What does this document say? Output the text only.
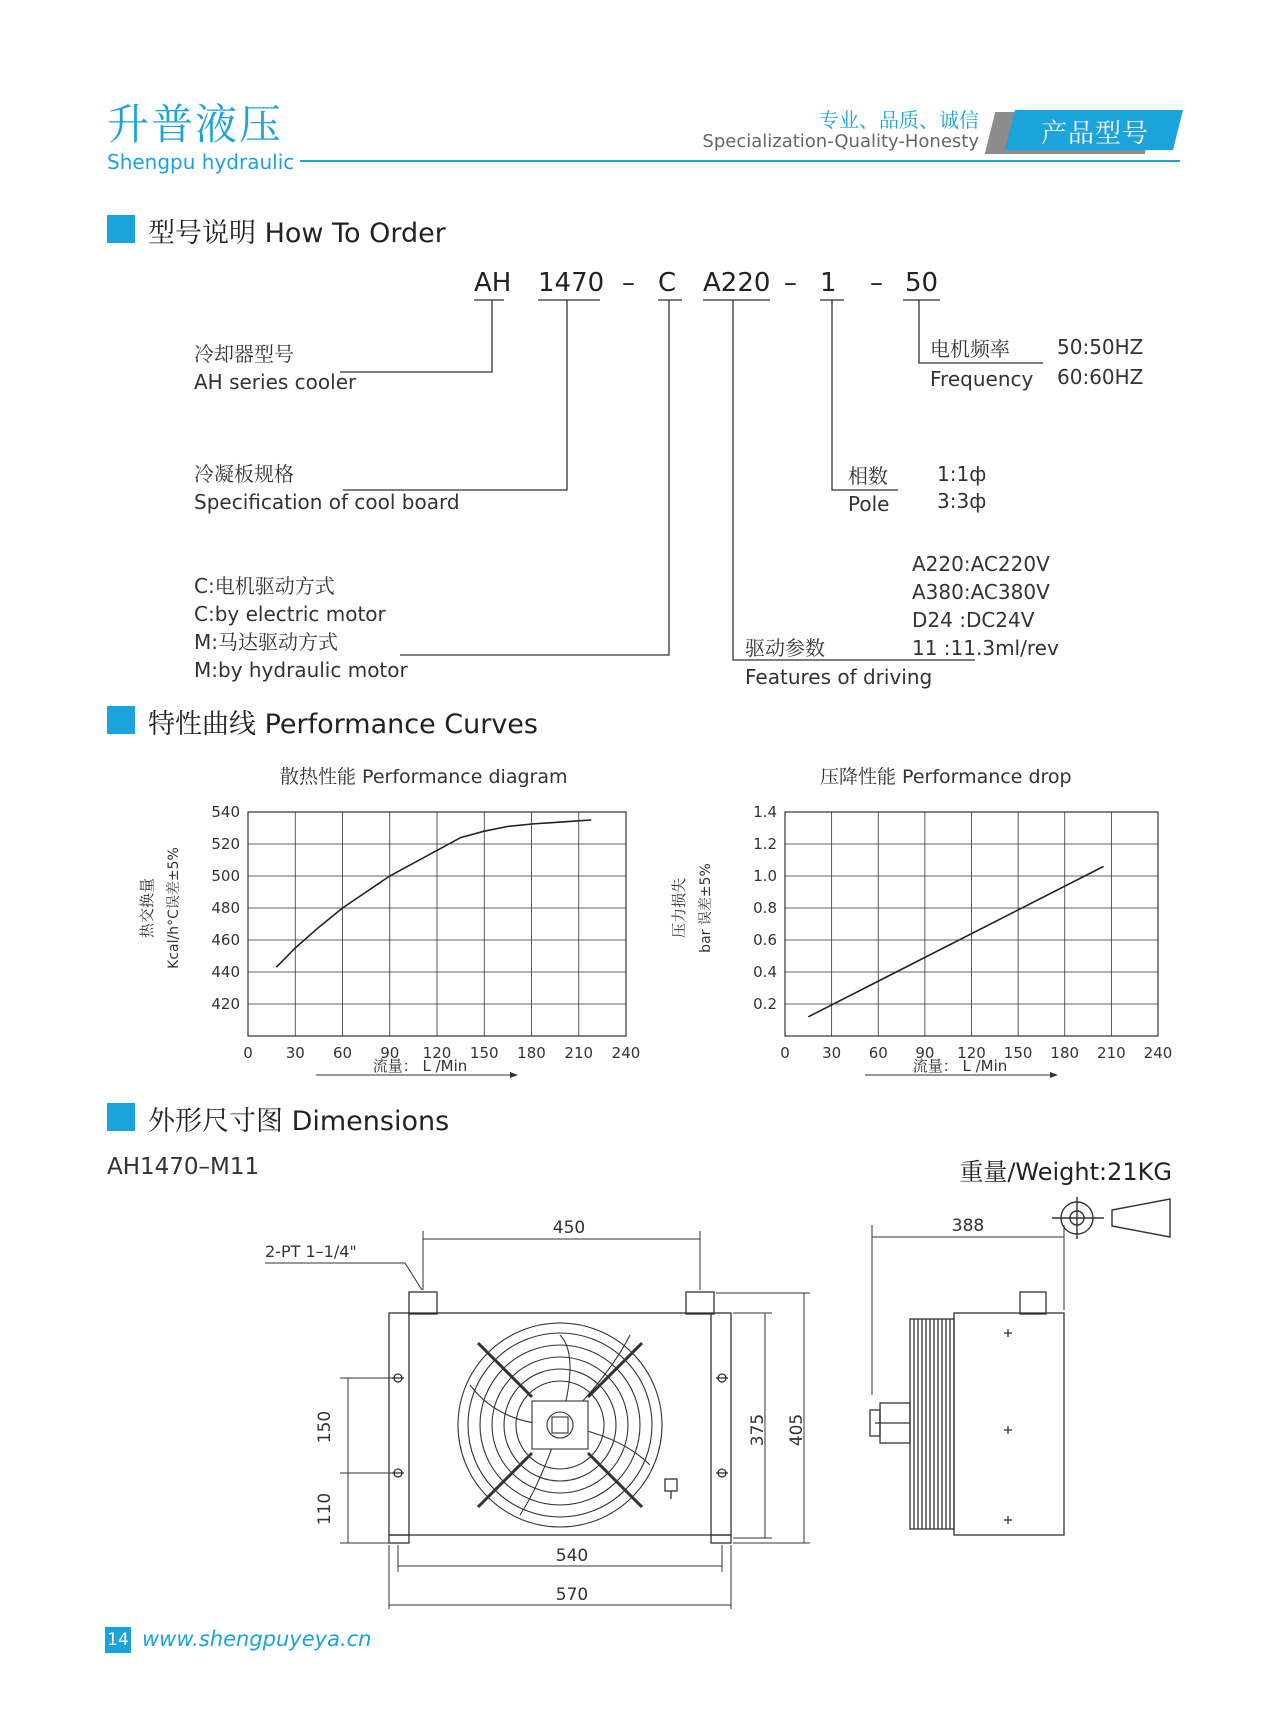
升普液压
Shengpu hydraulic
专业、品质、诚信
Specialization-Quality-Honesty	产品型号
型号说明 How To Order
AH 1470 – C A220 – 1 – 50
冷却器型号
AH series cooler
冷凝板规格
Specification of cool board
C:电机驱动方式
C:by electric motor
M:马达驱动方式
M:by hydraulic motor
电机频率
Frequency
50:50HZ
60:60HZ
相数
Pole
1:1ф
3:3ф
A220:AC220V
A380:AC380V
D24 :DC24V
11 :11.3ml/rev
驱动参数
Features of driving
特性曲线 Performance Curves
散热性能 Performance diagram	压降性能 Performance drop
0 30 60 90 120 150 180 210 240
420
440
460
480
500
520
540
0 30 60 90 120 150 180 210 240
0.2
0.4
0.6
0.8
1.0
1.2
1.4
热交换量 Kcal/h°C误差±5%	压力损失 bar 误差±5%
流量： L /Min	流量： L /Min
外形尺寸图 Dimensions
AH1470–M11	重量/Weight:21KG
450
540
570
375 405
150
110
2-PT 1–1/4"
388
14 www.shengpuyeya.cn
